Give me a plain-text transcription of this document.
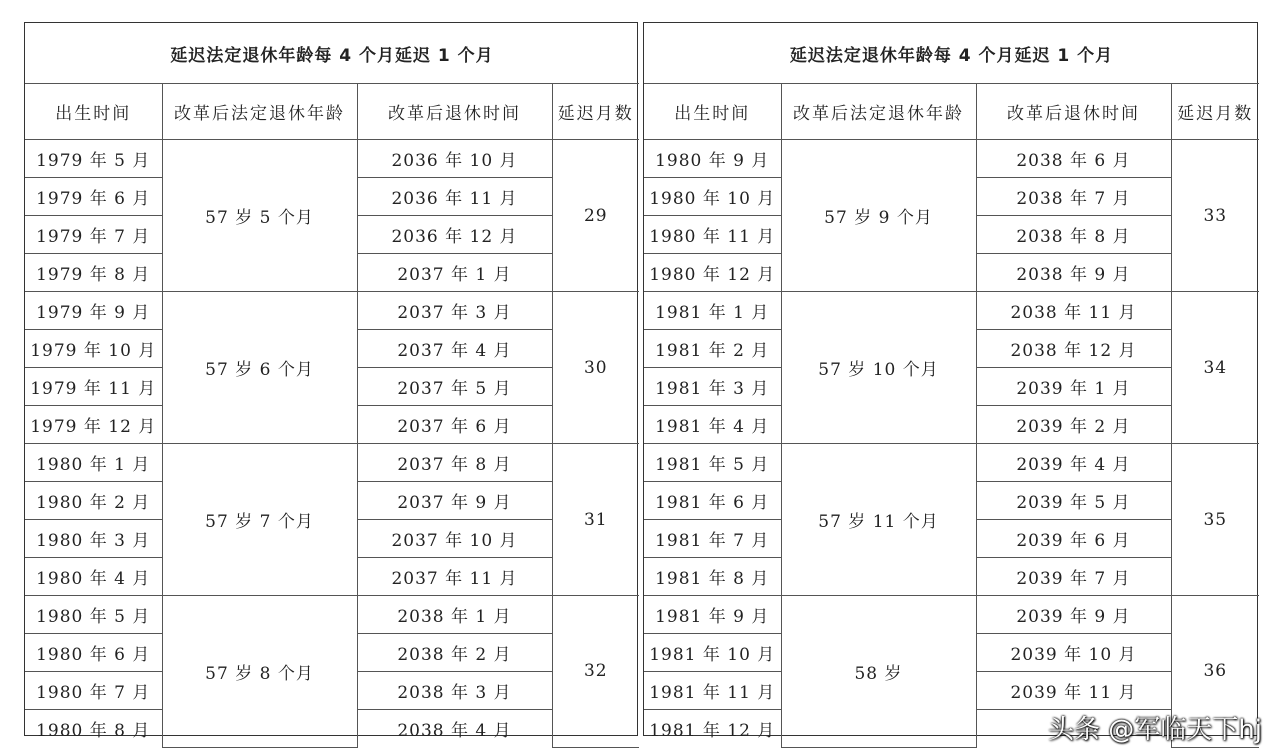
延迟法定退休年龄每 4 个月延迟 1 个月			
出生时间	改革后法定退休年龄	改革后退休时间	延迟月数
1979 年 5 月	57 岁 5 个月	2036 年 10 月	29
1979 年 6 月		2036 年 11 月	
1979 年 7 月		2036 年 12 月	
1979 年 8 月		2037 年 1 月	
1979 年 9 月	57 岁 6 个月	2037 年 3 月	30
1979 年 10 月		2037 年 4 月	
1979 年 11 月		2037 年 5 月	
1979 年 12 月		2037 年 6 月	
1980 年 1 月	57 岁 7 个月	2037 年 8 月	31
1980 年 2 月		2037 年 9 月	
1980 年 3 月		2037 年 10 月	
1980 年 4 月		2037 年 11 月	
1980 年 5 月	57 岁 8 个月	2038 年 1 月	32
1980 年 6 月		2038 年 2 月	
1980 年 7 月		2038 年 3 月	
1980 年 8 月		2038 年 4 月	
延迟法定退休年龄每 4 个月延迟 1 个月			
出生时间	改革后法定退休年龄	改革后退休时间	延迟月数
1980 年 9 月	57 岁 9 个月	2038 年 6 月	33
1980 年 10 月		2038 年 7 月	
1980 年 11 月		2038 年 8 月	
1980 年 12 月		2038 年 9 月	
1981 年 1 月	57 岁 10 个月	2038 年 11 月	34
1981 年 2 月		2038 年 12 月	
1981 年 3 月		2039 年 1 月	
1981 年 4 月		2039 年 2 月	
1981 年 5 月	57 岁 11 个月	2039 年 4 月	35
1981 年 6 月		2039 年 5 月	
1981 年 7 月		2039 年 6 月	
1981 年 8 月		2039 年 7 月	
1981 年 9 月	58 岁	2039 年 9 月	36
1981 年 10 月		2039 年 10 月	
1981 年 11 月		2039 年 11 月	
1981 年 12 月				头条 @军临天下hj
